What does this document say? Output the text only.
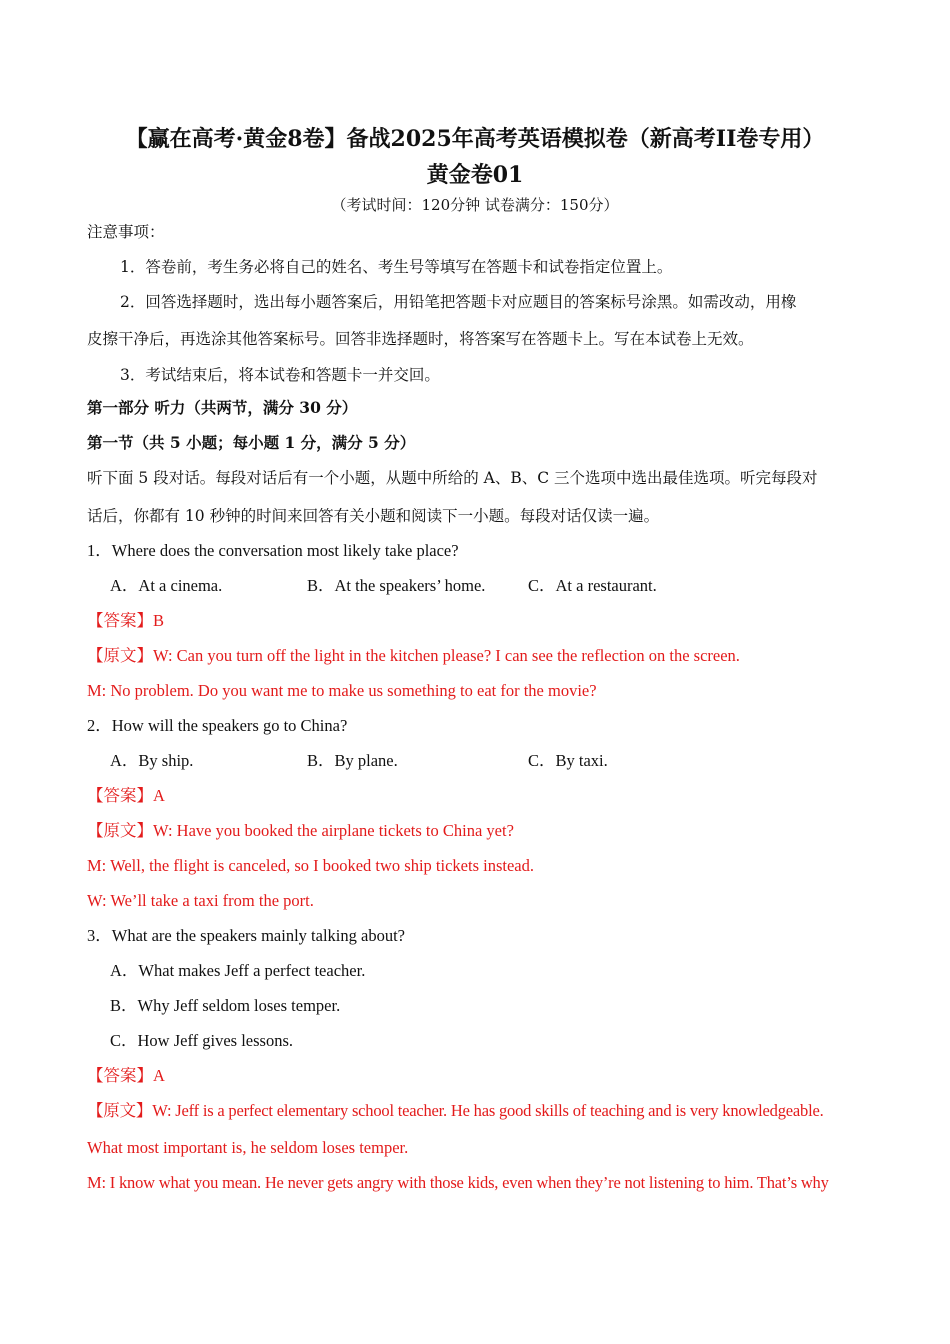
【赢在高考·黄金8卷】备战2025年高考英语模拟卷（新高考II卷专用）
黄金卷01
（考试时间：120分钟 试卷满分：150分）
注意事项：
1．答卷前，考生务必将自己的姓名、考生号等填写在答题卡和试卷指定位置上。
2．回答选择题时，选出每小题答案后，用铅笔把答题卡对应题目的答案标号涂黑。如需改动，用橡
皮擦干净后，再选涂其他答案标号。回答非选择题时，将答案写在答题卡上。写在本试卷上无效。
3．考试结束后，将本试卷和答题卡一并交回。
第一部分 听力（共两节，满分 30 分）
第一节（共 5 小题；每小题 1 分，满分 5 分）
听下面 5 段对话。每段对话后有一个小题，从题中所给的 A、B、C 三个选项中选出最佳选项。听完每段对
话后，你都有 10 秒钟的时间来回答有关小题和阅读下一小题。每段对话仅读一遍。
1．Where does the conversation most likely take place?
A．At a cinema.	B．At the speakers’ home.	C．At a restaurant.
【答案】B
【原文】W: Can you turn off the light in the kitchen please? I can see the reflection on the screen.
M: No problem. Do you want me to make us something to eat for the movie?
2．How will the speakers go to China?
A．By ship.	B．By plane.	C．By taxi.
【答案】A
【原文】W: Have you booked the airplane tickets to China yet?
M: Well, the flight is canceled, so I booked two ship tickets instead.
W: We’ll take a taxi from the port.
3．What are the speakers mainly talking about?
A．What makes Jeff a perfect teacher.
B．Why Jeff seldom loses temper.
C．How Jeff gives lessons.
【答案】A
【原文】W: Jeff is a perfect elementary school teacher. He has good skills of teaching and is very knowledgeable.
What most important is, he seldom loses temper.
M: I know what you mean. He never gets angry with those kids, even when they’re not listening to him. That’s why
